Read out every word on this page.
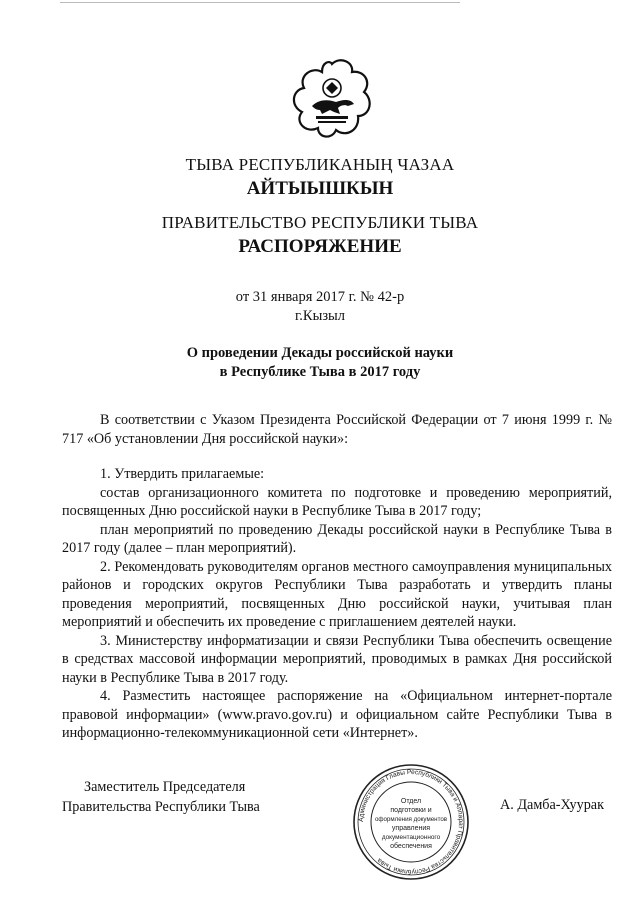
ТЫВА РЕСПУБЛИКАНЫҢ ЧАЗАА
АЙТЫЫШКЫН
ПРАВИТЕЛЬСТВО РЕСПУБЛИКИ ТЫВА
РАСПОРЯЖЕНИЕ
от 31 января 2017 г. № 42-р
г.Кызыл
О проведении Декады российской науки
в Республике Тыва в 2017 году

В соответствии с Указом Президента Российской Федерации от 7 июня 1999 г. № 717 «Об установлении Дня российской науки»:

1. Утвердить прилагаемые:

состав организационного комитета по подготовке и проведению мероприятий, посвященных Дню российской науки в Республике Тыва в 2017 году;

план мероприятий по проведению Декады российской науки в Республике Тыва в 2017 году (далее – план мероприятий).

2. Рекомендовать руководителям органов местного самоуправления муниципальных районов и городских округов Республики Тыва разработать и утвердить планы проведения мероприятий, посвященных Дню российской науки, учитывая план мероприятий и обеспечить их проведение с приглашением деятелей науки.

3. Министерству информатизации и связи Республики Тыва обеспечить освещение в средствах массовой информации мероприятий, проводимых в рамках Дня российской науки в Республике Тыва в 2017 году.

4. Разместить настоящее распоряжение на «Официальном интернет-портале правовой информации» (www.pravo.gov.ru) и официальном сайте Республики Тыва в информационно-телекоммуникационной сети «Интернет».

Заместитель Председателя
Правительства Республики Тыва
Администрация Главы Республики Тыва и Аппарат Правительства Республики Тыва
Отдел
подготовки и
оформления документов
управления
документационного
обеспечения
А. Дамба-Хуурак
